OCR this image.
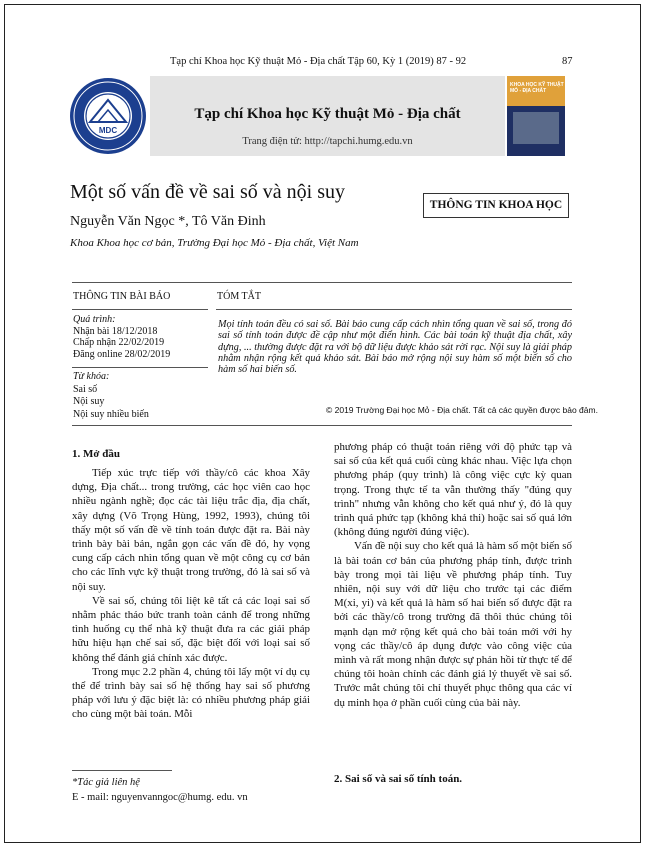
Tạp chí Khoa học Kỹ thuật Mỏ - Địa chất Tập 60, Kỳ 1 (2019) 87 - 92	87
MDC
Tạp chí Khoa học Kỹ thuật Mỏ - Địa chất
Trang điện tử: http://tapchi.humg.edu.vn
KHOA HỌC KỸ THUẬT MỎ - ĐỊA CHẤT
Một số vấn đề về sai số và nội suy
THÔNG TIN KHOA HỌC
Nguyễn Văn Ngọc *, Tô Văn Đinh
Khoa Khoa học cơ bản, Trường Đại học Mỏ - Địa chất, Việt Nam
THÔNG TIN BÀI BÁO	TÓM TẮT
Quá trình:
Nhận bài 18/12/2018
Chấp nhận 22/02/2019
Đăng online 28/02/2019
Từ khóa:
Sai số
Nội suy
Nội suy nhiều biến
Mọi tính toán đều có sai số. Bài báo cung cấp cách nhìn tổng quan về sai số, trong đó sai số tính toán được đề cập như một điển hình. Các bài toán kỹ thuật địa chất, xây dựng, ... thường được đặt ra với bộ dữ liệu được khảo sát rời rạc. Nội suy là giải pháp nhằm nhận rộng kết quả khảo sát. Bài báo mở rộng nội suy hàm số một biến số cho hàm số hai biến số.
© 2019 Trường Đại học Mỏ - Địa chất. Tất cả các quyền được bảo đảm.
1. Mở đầu

Tiếp xúc trực tiếp với thầy/cô các khoa Xây dựng, Địa chất... trong trường, các học viên cao học nhiều ngành nghề; đọc các tài liệu trắc địa, địa chất, xây dựng (Võ Trọng Hùng, 1992, 1993), chúng tôi thấy một số vấn đề về tính toán được đặt ra. Bài này trình bày bài bản, ngắn gọn các vấn đề đó, hy vọng cung cấp cách nhìn tổng quan về một công cụ cơ bản cho các lĩnh vực kỹ thuật trong trường, đó là sai số và nội suy.

Về sai số, chúng tôi liệt kê tất cả các loại sai số nhằm phác thảo bức tranh toàn cảnh để trong những tình huống cụ thể nhà kỹ thuật đưa ra các giải pháp hữu hiệu hạn chế sai số, đặc biệt đối với loại sai số không thể đánh giá chính xác được.

Trong mục 2.2 phần 4, chúng tôi lấy một ví dụ cụ thể để trình bày sai số hệ thống hay sai số phương pháp với lưu ý đặc biệt là: có nhiều phương pháp giải cho cùng một bài toán. Mỗi

*Tác giả liên hệ
E - mail: nguyenvanngoc@humg. edu. vn

phương pháp có thuật toán riêng với độ phức tạp và sai số của kết quả cuối cùng khác nhau. Việc lựa chọn phương pháp (quy trình) là công việc cực kỳ quan trọng. Trong thực tế ta vẫn thường thấy "đúng quy trình" nhưng vẫn không cho kết quả như ý, đó là quy trình quá phức tạp (không khả thi) hoặc sai số quá lớn (không đúng người đúng việc).

Vấn đề nội suy cho kết quả là hàm số một biến số là bài toán cơ bản của phương pháp tính, được trình bày trong mọi tài liệu về phương pháp tính. Tuy nhiên, nội suy với dữ liệu cho trước tại các điểm M(xi, yi) và kết quả là hàm số hai biến số được đặt ra bởi các thầy/cô trong trường đã thôi thúc chúng tôi mạnh dạn mở rộng kết quả cho bài toán mới với hy vọng các thầy/cô áp dụng được vào công việc của mình và rất mong nhận được sự phản hồi từ thực tế để chúng tôi hoàn chỉnh các đánh giá lý thuyết về sai số. Trước mắt chúng tôi chỉ thuyết phục thông qua các ví dụ minh họa ở phần cuối cùng của bài này.

2. Sai số và sai số tính toán.
